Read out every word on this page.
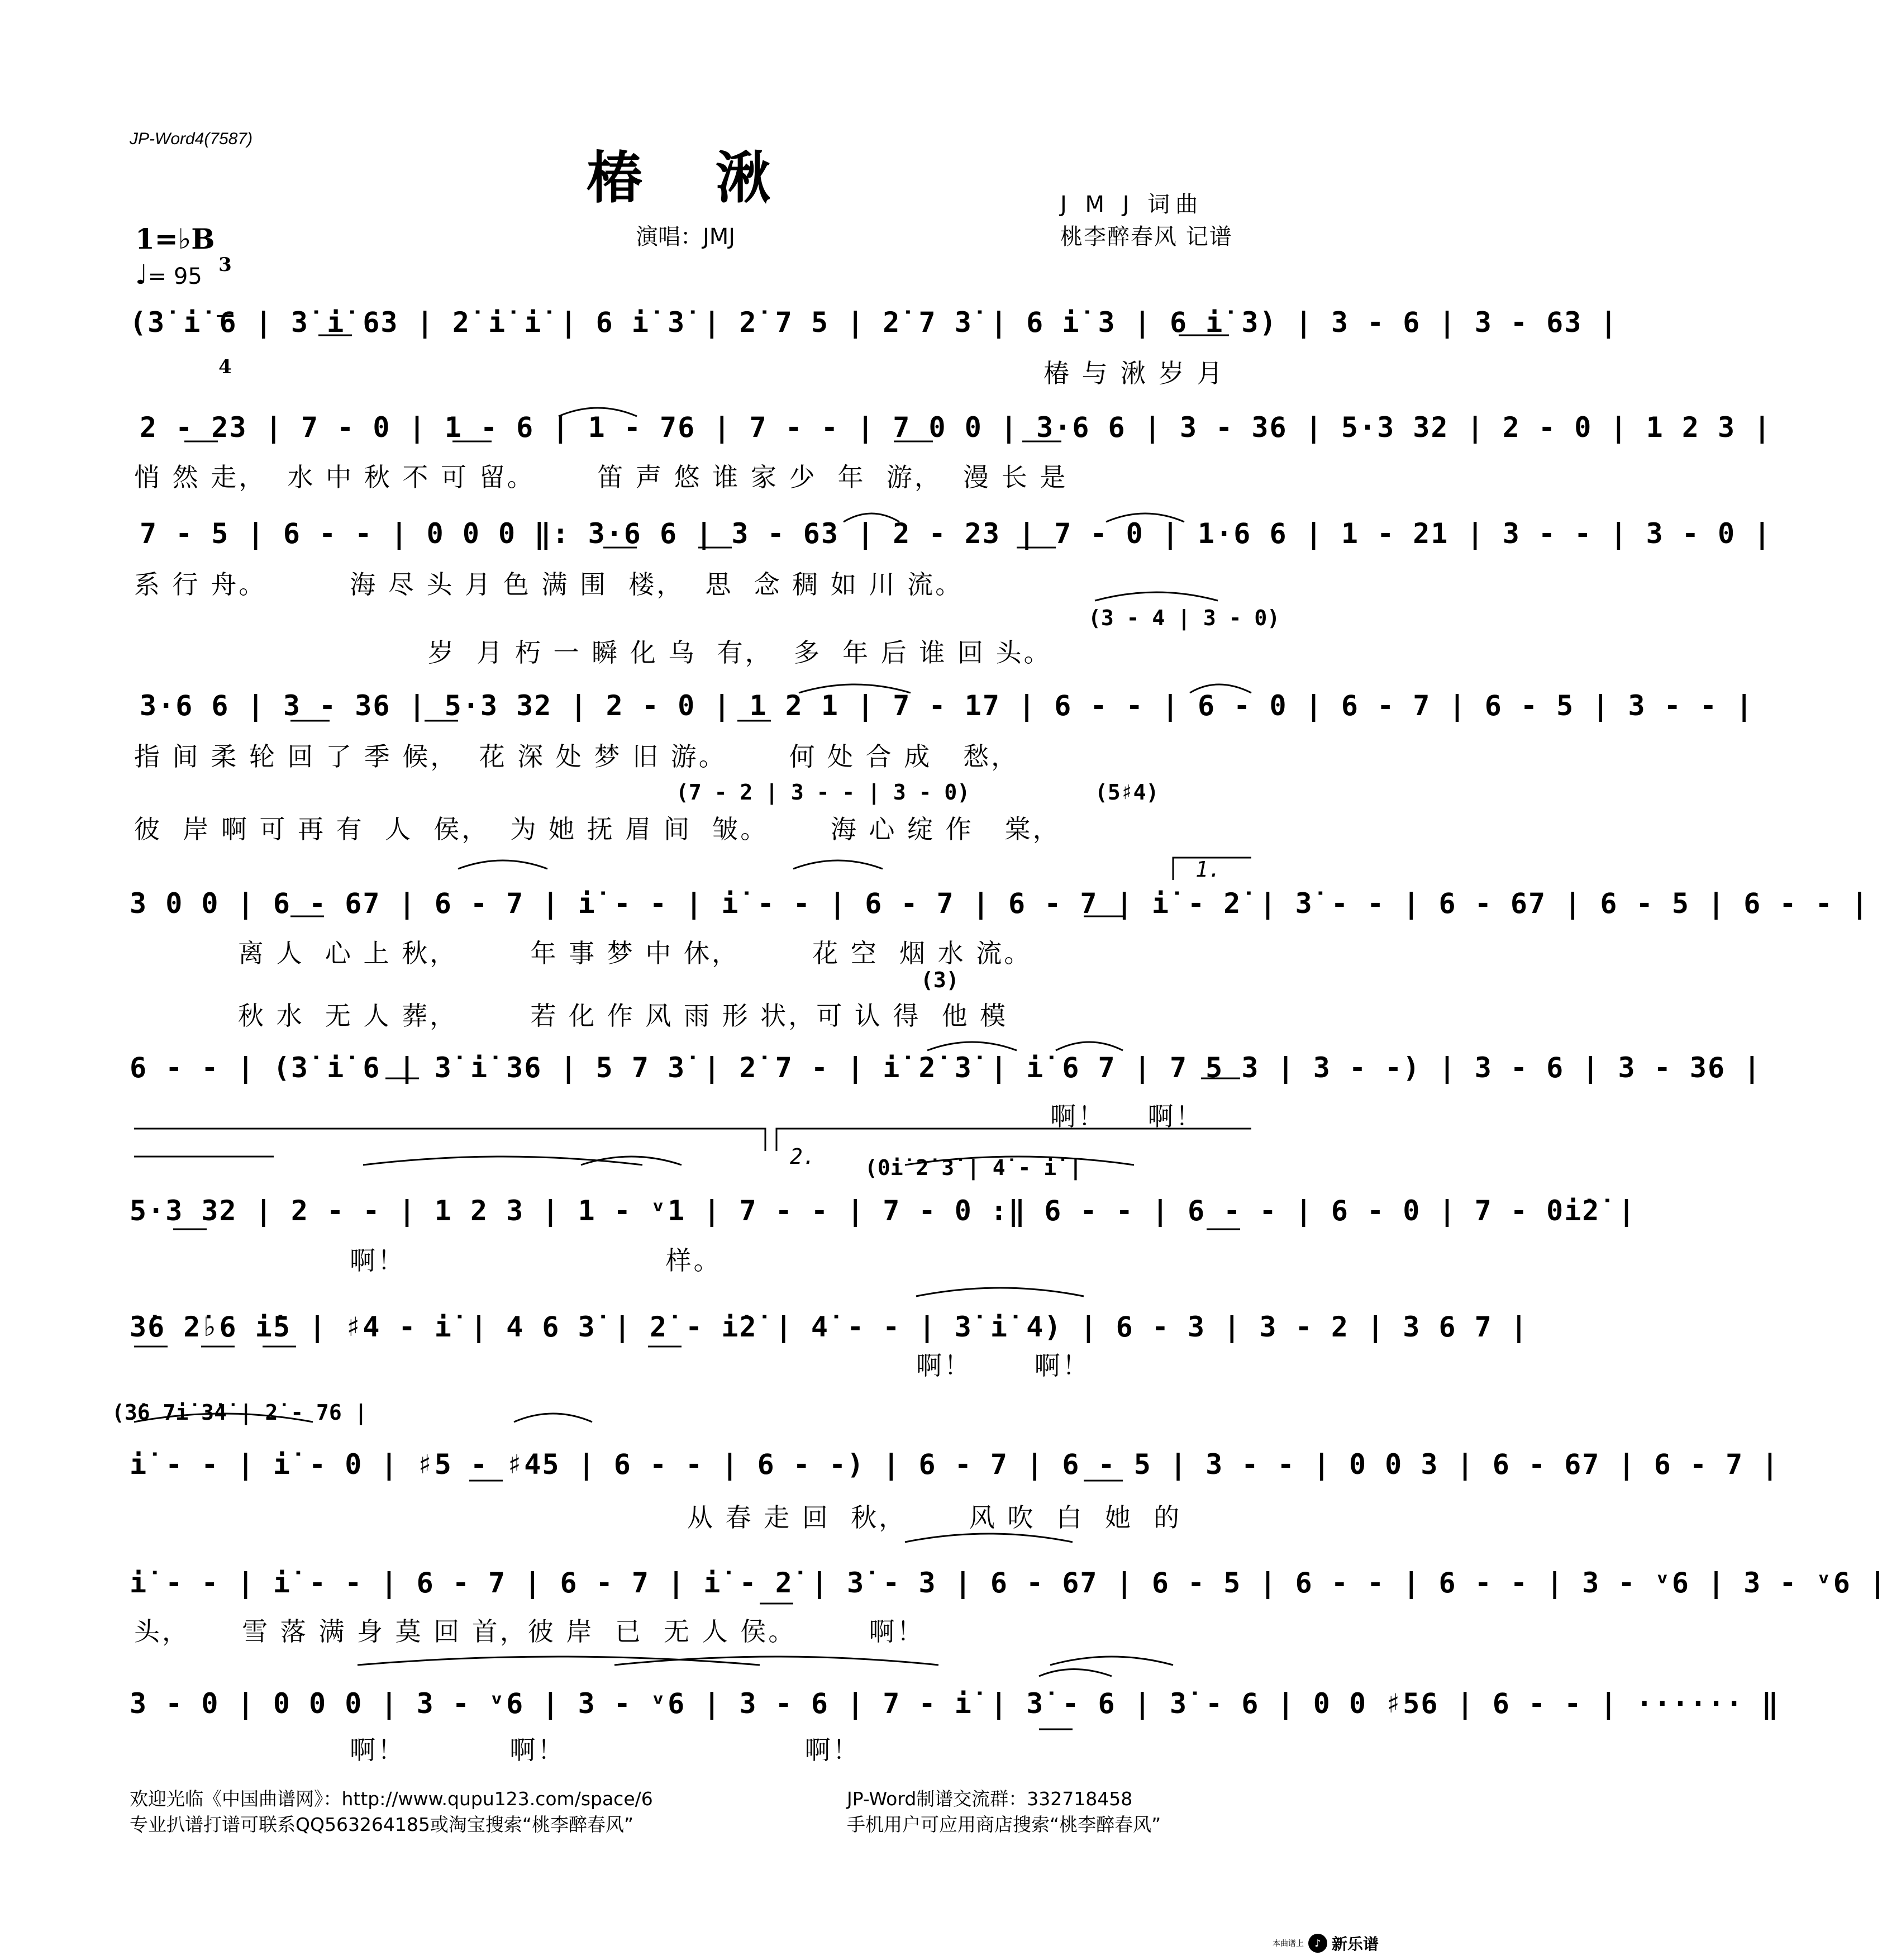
JP-Word4(7587)
椿湫	J M J 词曲
桃李醉春风 记谱
演唱：JMJ
1=♭B

3

4

♩= 95
(3̇ i̇ 6 | 3̇ i̇ 63 | 2̇ i̇ i̇ | 6 i̇ 3̇ | 2̇ 7 5 | 2̇ 7 3̇ | 6 i̇ 3 | 6 i̇ 3) | 3 - 6 | 3 - 63 |
椿 与 湫 岁 月
2 - 23 | 7 - 0 | 1 - 6 | 1 - 76 | 7 - - | 7 0 0 | 3·6 6 | 3 - 36 | 5·3 32 | 2 - 0 | 1 2 3 |
悄 然 走，  水 中 秋 不 可 留。      笛 声 悠 谁 家 少  年  游，  漫 长 是
7 - 5 | 6 - - | 0 0 0 ‖: 3·6 6 | 3 - 63 | 2 - 23 | 7 - 0 | 1·6 6 | 1 - 21 | 3 - - | 3 - 0 |
系 行 舟。        海 尽 头 月 色 满 围  楼，  思  念 稠 如 川 流。
(3 - 4 | 3 - 0)
岁  月 朽 一 瞬 化 乌  有，  多  年 后 谁 回 头。
3·6 6 | 3 - 36 | 5·3 32 | 2 - 0 | 1 2 1 | 7 - 17 | 6 - - | 6 - 0 | 6 - 7 | 6 - 5 | 3 - - |
指 间 柔 轮 回 了 季 候，  花 深 处 梦 旧 游。      何 处 合 成   愁，
(7 - 2 | 3 - - | 3 - 0)	(5♯4)
彼  岸 啊 可 再 有  人  侯，  为 她 抚 眉 间  皱。      海 心 绽 作   棠，
1.
3 0 0 | 6 - 67 | 6 - 7 | i̇ - - | i̇ - - | 6 - 7 | 6 - 7 | i̇ - 2̇ | 3̇ - - | 6 - 67 | 6 - 5 | 6 - - |
离 人  心 上 秋，       年 事 梦 中 休，       花 空  烟 水 流。
(3)
秋 水  无 人 葬，       若 化 作 风 雨 形 状，可 认 得  他 模
6 - - | (3̇ i̇ 6 | 3̇ i̇ 36 | 5 7 3̇ | 2̇ 7 - | i̇ 2̇ 3̇ | i̇ 6 7 | 7 5 3 | 3 - -) | 3 - 6 | 3 - 36 |
啊！    啊！
2. (0i̇ 2̇ 3̇ | 4̇ - i̇ |
5·3 32 | 2 - - | 1 2 3 | 1 - ᵛ1 | 7 - - | 7 - 0 :‖ 6 - - | 6 - - | 6 - 0 | 7 - 0i̇2̇ |
啊！                         样。
3̇6 2̇♭6 i̇5 | ♯4 - i̇ | 4 6 3̇ | 2̇ - i̇2̇ | 4̇ - - | 3̇ i̇ 4) | 6 - 3 | 3 - 2 | 3 6 7 |
啊！      啊！
(3̇6 7i̇ 3̇4̇ | 2̇ - 76 |
i̇ - - | i̇ - 0 | ♯5 - ♯45 | 6 - - | 6 - -) | 6 - 7 | 6 - 5 | 3 - - | 0 0 3 | 6 - 67 | 6 - 7 |
从 春 走 回  秋，      风 吹  白  她  的
i̇ - - | i̇ - - | 6 - 7 | 6 - 7 | i̇ - 2̇ | 3̇ - 3 | 6 - 67 | 6 - 5 | 6 - - | 6 - - | 3 - ᵛ6 | 3 - ᵛ6 |
头，     雪 落 满 身 莫 回 首，彼 岸  已  无 人 侯。       啊！
3 - 0 | 0 0 0 | 3 - ᵛ6 | 3 - ᵛ6 | 3 - 6 | 7 - i̇ | 3̇ - 6 | 3̇ - 6 | 0 0 ♯56 | 6 - - | ······ ‖
啊！          啊！                       啊！
欢迎光临《中国曲谱网》：http://www.qupu123.com/space/6	JP-Word制谱交流群：332718458
专业扒谱打谱可联系QQ563264185或淘宝搜索“桃李醉春风”	手机用户可应用商店搜索“桃李醉春风”
本曲谱上	♪ 新乐谱
